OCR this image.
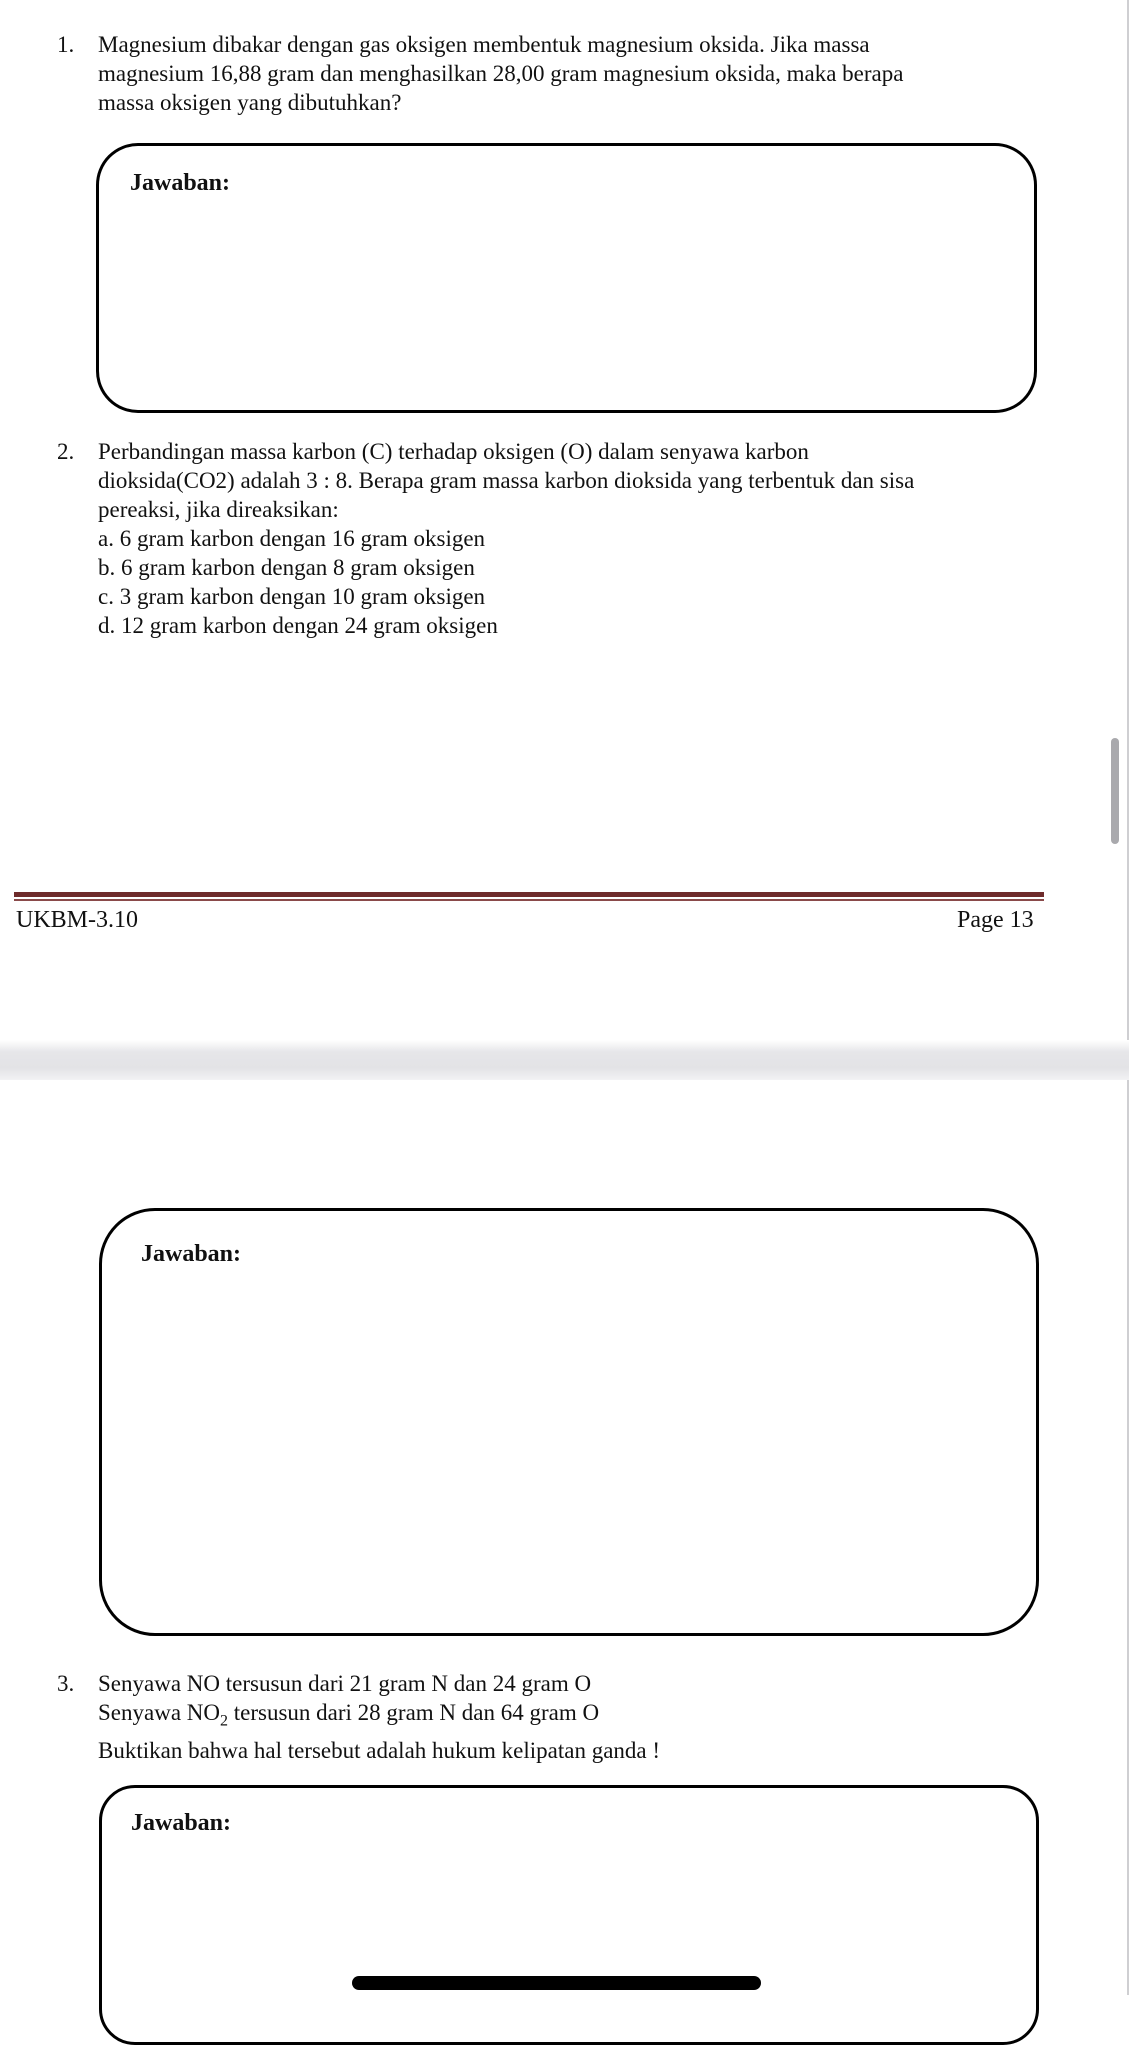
1. Magnesium dibakar dengan gas oksigen membentuk magnesium oksida. Jika massa
magnesium 16,88 gram dan menghasilkan 28,00 gram magnesium oksida, maka berapa
massa oksigen yang dibutuhkan?
Jawaban:
2. Perbandingan massa karbon (C) terhadap oksigen (O) dalam senyawa karbon
dioksida(CO2) adalah 3 : 8. Berapa gram massa karbon dioksida yang terbentuk dan sisa
pereaksi, jika direaksikan:
a. 6 gram karbon dengan 16 gram oksigen
b. 6 gram karbon dengan 8 gram oksigen
c. 3 gram karbon dengan 10 gram oksigen
d. 12 gram karbon dengan 24 gram oksigen
UKBM-3.10	Page 13
Jawaban:
3. Senyawa NO tersusun dari 21 gram N dan 24 gram O
Senyawa $NO_2$ tersusun dari 28 gram N dan 64 gram O
Buktikan bahwa hal tersebut adalah hukum kelipatan ganda !
Jawaban:
